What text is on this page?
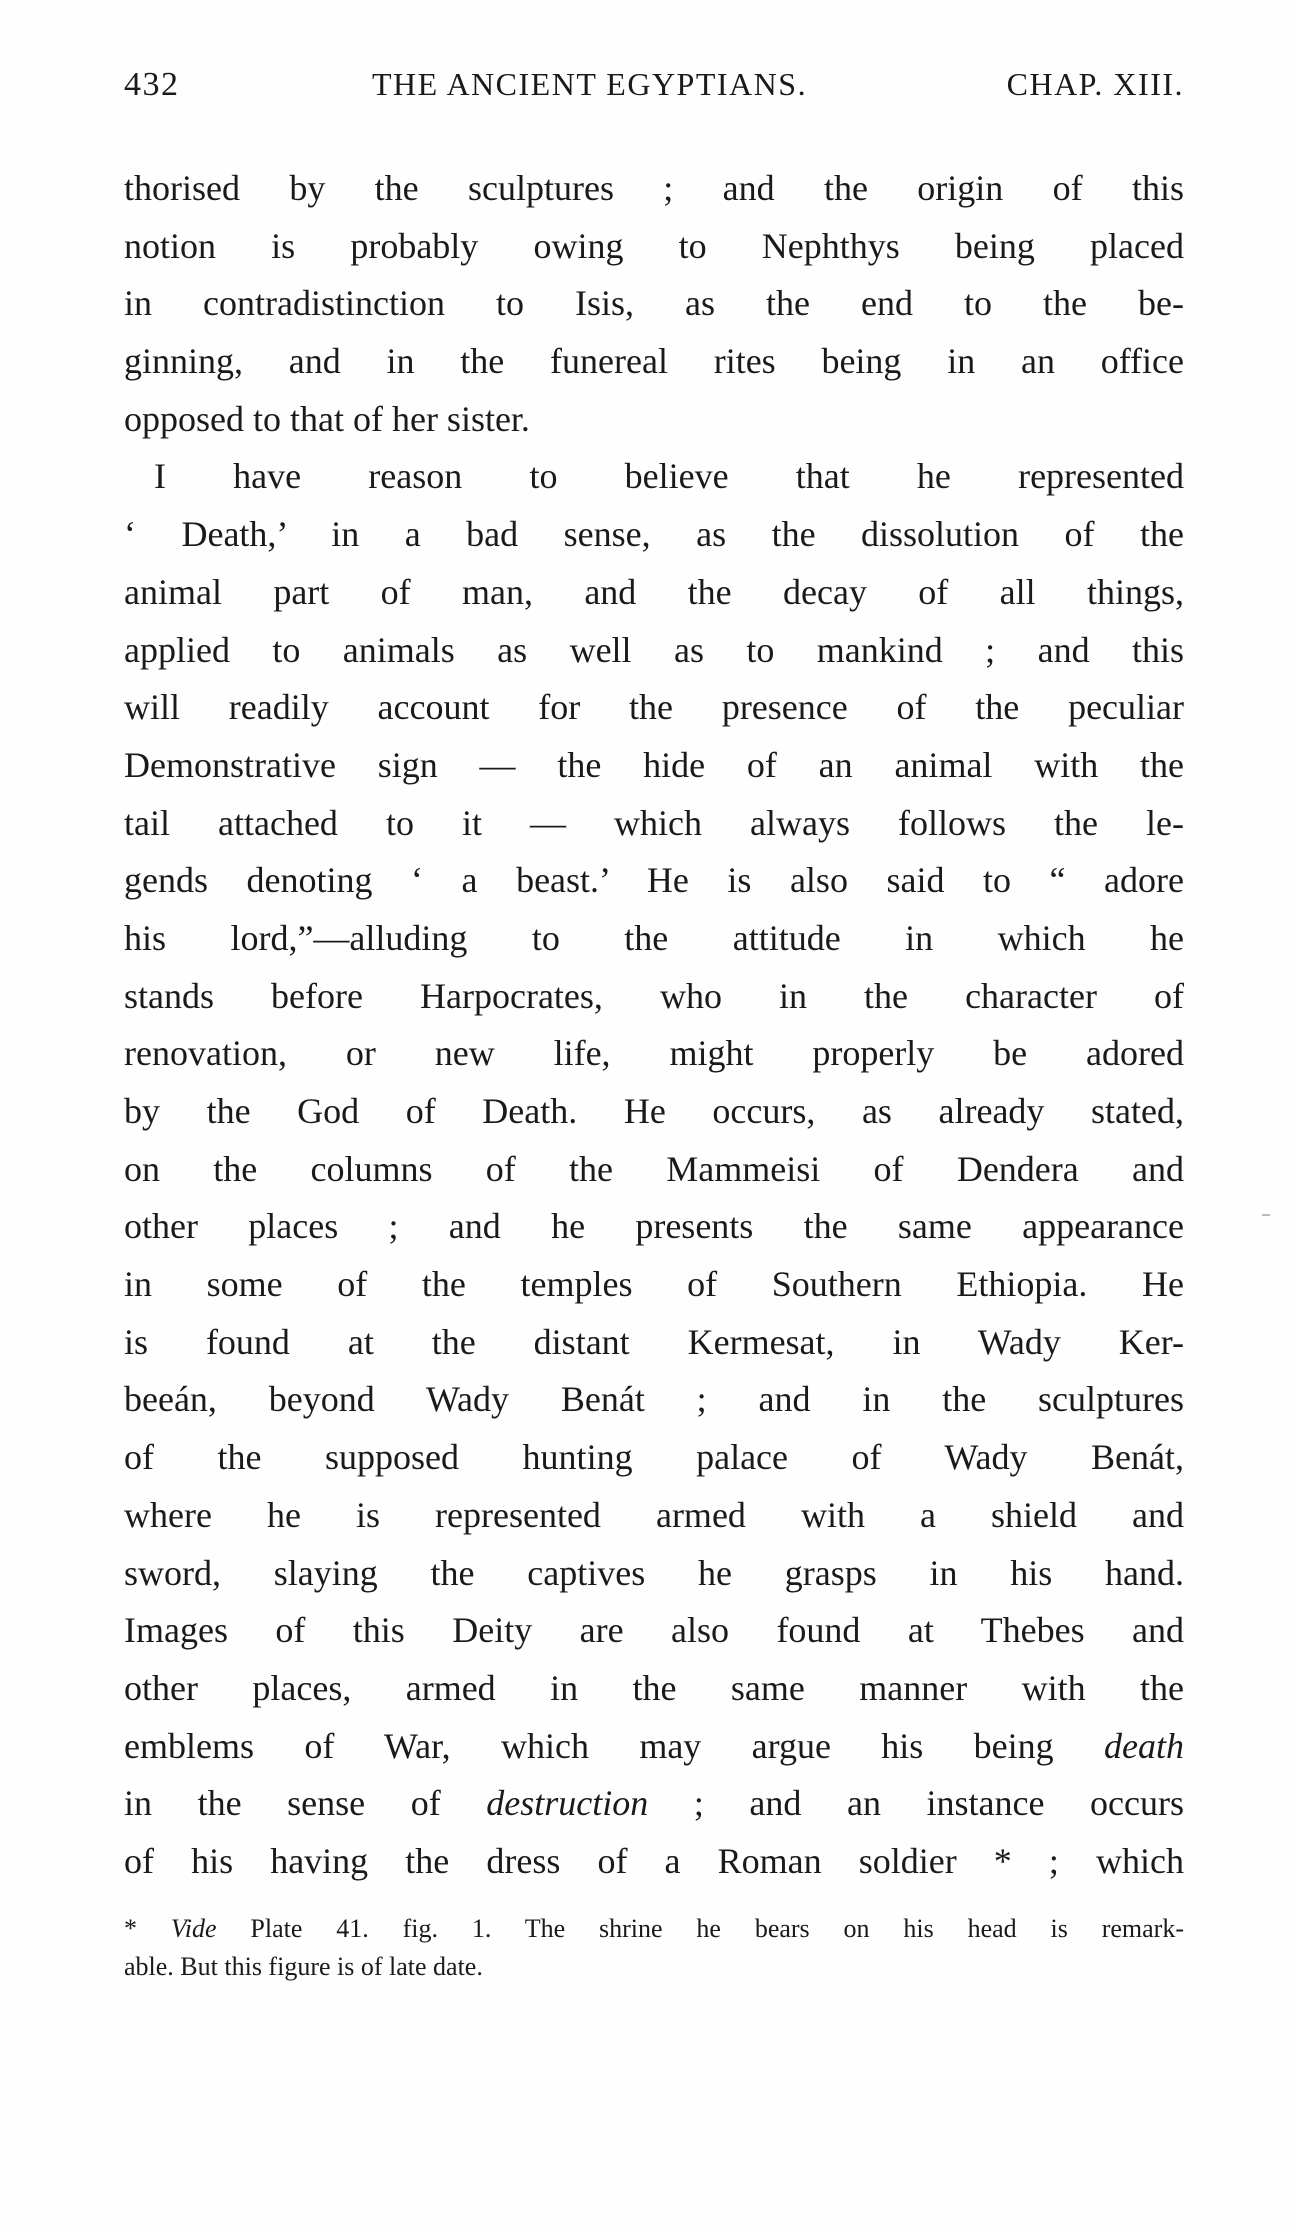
432	THE ANCIENT EGYPTIANS.	CHAP. XIII.
thorised by the sculptures ; and the origin of this
notion is probably owing to Nephthys being placed
in contradistinction to Isis, as the end to the be-
ginning, and in the funereal rites being in an office
opposed to that of her sister.
I have reason to believe that he represented
‘ Death,’ in a bad sense, as the dissolution of the
animal part of man, and the decay of all things,
applied to animals as well as to mankind ; and this
will readily account for the presence of the peculiar
Demonstrative sign — the hide of an animal with the
tail attached to it — which always follows the le-
gends denoting ‘ a beast.’ He is also said to “ adore
his lord,”—alluding to the attitude in which he
stands before Harpocrates, who in the character of
renovation, or new life, might properly be adored
by the God of Death. He occurs, as already stated,
on the columns of the Mammeisi of Dendera and
other places ; and he presents the same appearance
in some of the temples of Southern Ethiopia. He
is found at the distant Kermesat, in Wady Ker-
beeán, beyond Wady Benát ; and in the sculptures
of the supposed hunting palace of Wady Benát,
where he is represented armed with a shield and
sword, slaying the captives he grasps in his hand.
Images of this Deity are also found at Thebes and
other places, armed in the same manner with the
emblems of War, which may argue his being death
in the sense of destruction ; and an instance occurs
of his having the dress of a Roman soldier * ; which
* Vide Plate 41. fig. 1. The shrine he bears on his head is remark-
able. But this figure is of late date.
